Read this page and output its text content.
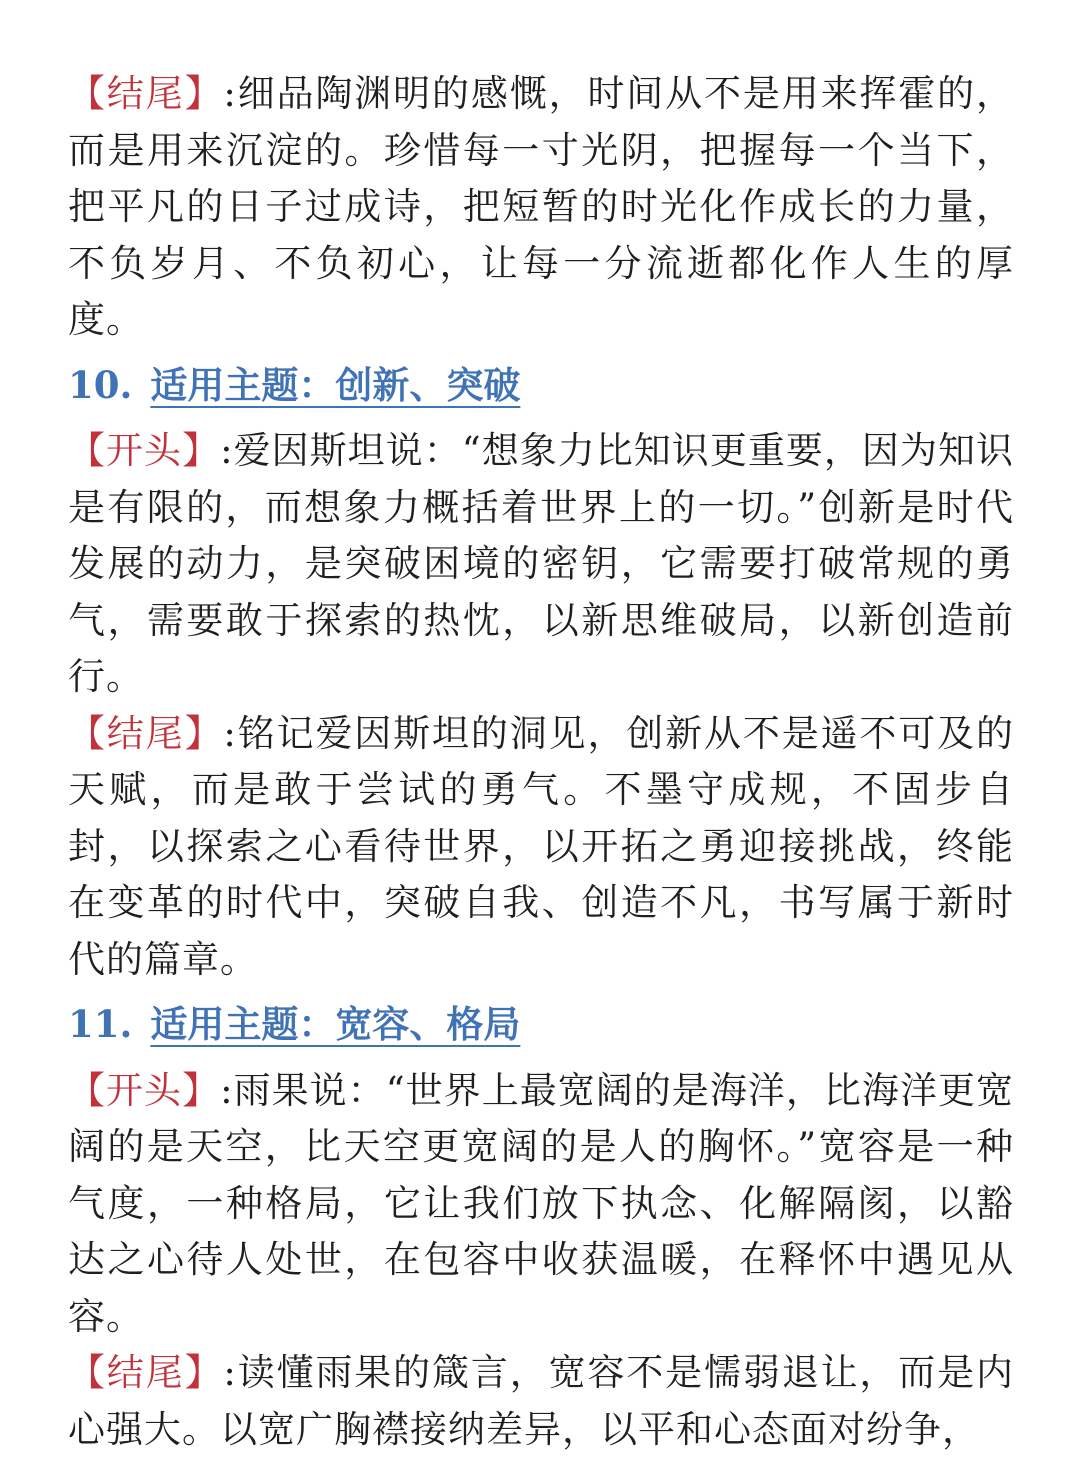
【结尾】:细品陶渊明的感慨，时间从不是用来挥霍的，而是用来沉淀的。珍惜每一寸光阴，把握每一个当下，把平凡的日子过成诗，把短暂的时光化作成长的力量，不负岁月、不负初心，让每一分流逝都化作人生的厚度。

10. 适用主题：创新、突破

【开头】:爱因斯坦说：“想象力比知识更重要，因为知识是有限的，而想象力概括着世界上的一切。”创新是时代发展的动力，是突破困境的密钥，它需要打破常规的勇气，需要敢于探索的热忱，以新思维破局，以新创造前行。

【结尾】:铭记爱因斯坦的洞见，创新从不是遥不可及的天赋，而是敢于尝试的勇气。不墨守成规，不固步自封，以探索之心看待世界，以开拓之勇迎接挑战，终能在变革的时代中，突破自我、创造不凡，书写属于新时代的篇章。

11. 适用主题：宽容、格局

【开头】:雨果说：“世界上最宽阔的是海洋，比海洋更宽阔的是天空，比天空更宽阔的是人的胸怀。”宽容是一种气度，一种格局，它让我们放下执念、化解隔阂，以豁达之心待人处世，在包容中收获温暖，在释怀中遇见从容。

【结尾】:读懂雨果的箴言，宽容不是懦弱退让，而是内心强大。以宽广胸襟接纳差异，以平和心态面对纷争，
